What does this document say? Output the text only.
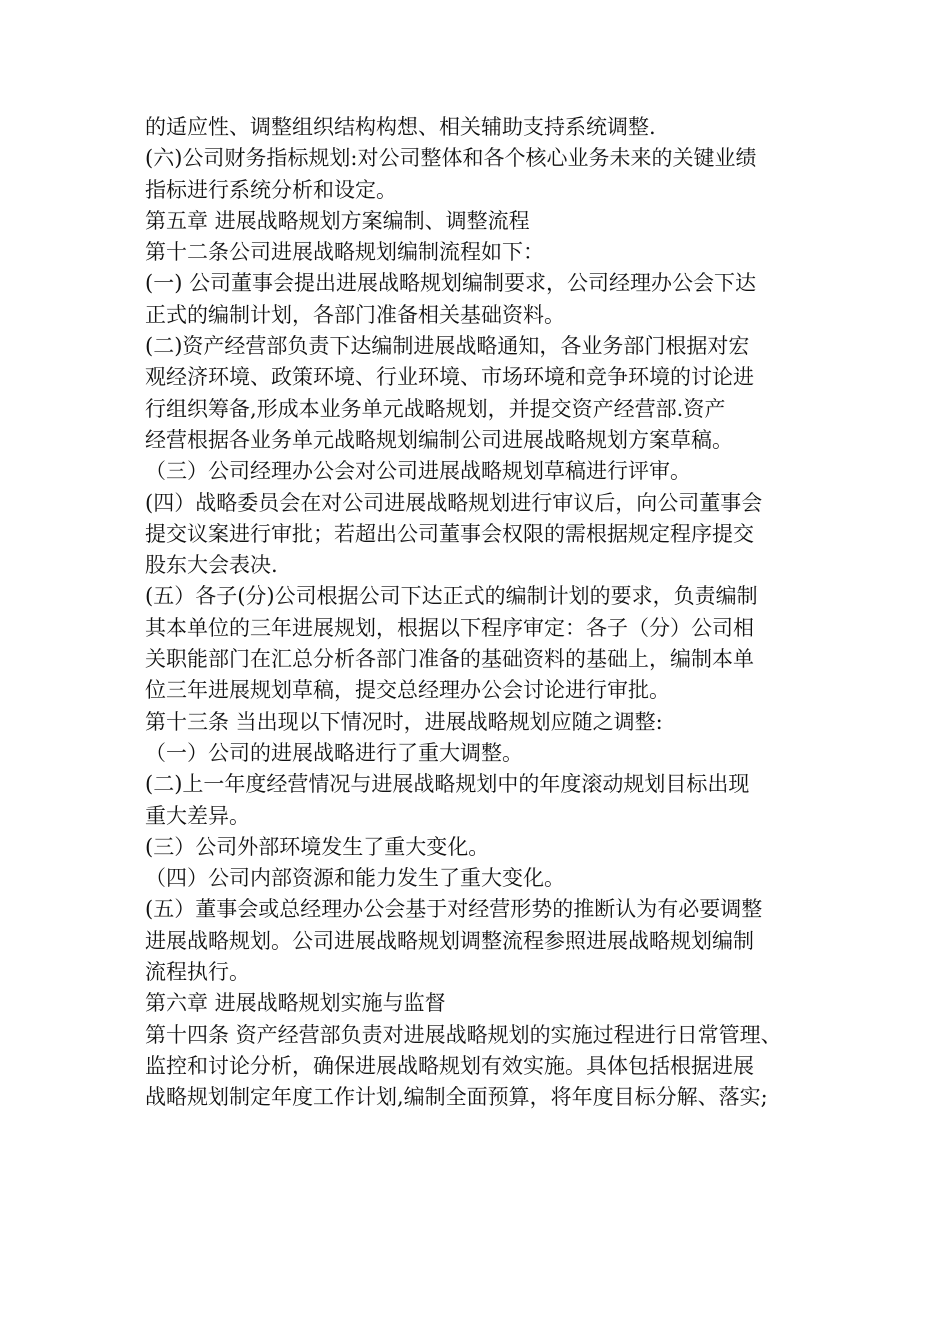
的适应性、调整组织结构构想、相关辅助支持系统调整.
(六)公司财务指标规划:对公司整体和各个核心业务未来的关键业绩
指标进行系统分析和设定。
第五章 进展战略规划方案编制、调整流程
第十二条公司进展战略规划编制流程如下：
(一) 公司董事会提出进展战略规划编制要求，公司经理办公会下达
正式的编制计划，各部门准备相关基础资料。
(二)资产经营部负责下达编制进展战略通知，各业务部门根据对宏
观经济环境、政策环境、行业环境、市场环境和竞争环境的讨论进
行组织筹备,形成本业务单元战略规划，并提交资产经营部.资产
经营根据各业务单元战略规划编制公司进展战略规划方案草稿。
（三）公司经理办公会对公司进展战略规划草稿进行评审。
(四）战略委员会在对公司进展战略规划进行审议后，向公司董事会
提交议案进行审批；若超出公司董事会权限的需根据规定程序提交
股东大会表决.
(五）各子(分)公司根据公司下达正式的编制计划的要求，负责编制
其本单位的三年进展规划，根据以下程序审定：各子（分）公司相
关职能部门在汇总分析各部门准备的基础资料的基础上，编制本单
位三年进展规划草稿，提交总经理办公会讨论进行审批。
第十三条 当出现以下情况时，进展战略规划应随之调整:
（一）公司的进展战略进行了重大调整。
(二)上一年度经营情况与进展战略规划中的年度滚动规划目标出现
重大差异。
(三）公司外部环境发生了重大变化。
（四）公司内部资源和能力发生了重大变化。
(五）董事会或总经理办公会基于对经营形势的推断认为有必要调整
进展战略规划。公司进展战略规划调整流程参照进展战略规划编制
流程执行。
第六章 进展战略规划实施与监督
第十四条 资产经营部负责对进展战略规划的实施过程进行日常管理、
监控和讨论分析，确保进展战略规划有效实施。具体包括根据进展
战略规划制定年度工作计划,编制全面预算，将年度目标分解、落实;
